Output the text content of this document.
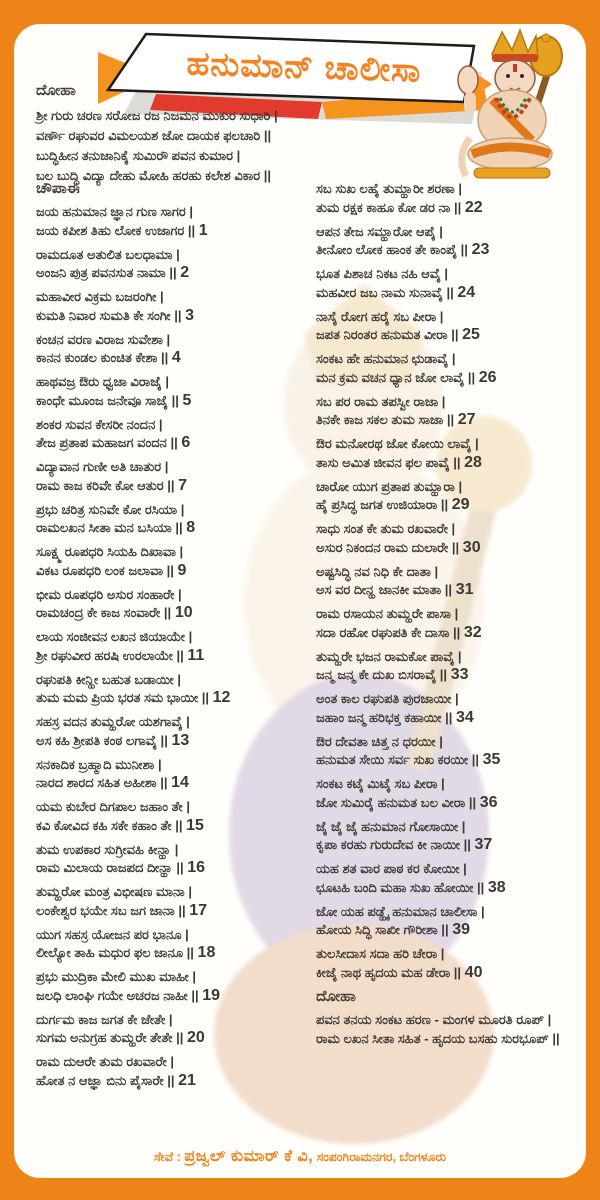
ಹನುಮಾನ್ ಚಾಲೀಸಾ
ದೋಹಾ
ಶ್ರೀ ಗುರು ಚರಣ ಸರೋಜ ರಜ ನಿಜಮನ ಮುಕುರ ಸುಧಾರಿ |
ವರ್ಣೌ ರಘುವರ ವಿಮಲಯಶ ಜೋ ದಾಯಕ ಫಲಚಾರಿ ||
ಬುದ್ಧಿಹೀನ ತನುಜಾನಿಕೈ ಸುಮಿರೌ ಪವನ ಕುಮಾರ |
ಬಲ ಬುದ್ಧಿ ವಿದ್ಯಾ ದೇಹು ಮೋಹಿ ಹರಹು ಕಲೇಶ ವಿಕಾರ ||
ಚೌಪಾಈ
ಜಯ ಹನುಮಾನ ಜ್ಞಾನ ಗುಣ ಸಾಗರ |
ಜಯ ಕಪೀಶ ತಿಹು ಲೋಕ ಉಜಾಗರ || 1
ರಾಮದೂತ ಅತುಲಿತ ಬಲಧಾಮಾ |
ಅಂಜನಿ ಪುತ್ರ ಪವನಸುತ ನಾಮಾ || 2
ಮಹಾವೀರ ವಿಕ್ರಮ ಬಜರಂಗೀ |
ಕುಮತಿ ನಿವಾರ ಸುಮತಿ ಕೇ ಸಂಗೀ || 3
ಕಂಚನ ವರಣ ವಿರಾಜ ಸುವೇಶಾ |
ಕಾನನ ಕುಂಡಲ ಕುಂಚಿತ ಕೇಶಾ || 4
ಹಾಥವಜ್ರ ಔರು ಧ್ವಜಾ ವಿರಾಜೈ |
ಕಾಂಧೇ ಮೂಂಜ ಜನೇವೂ ಸಾಜೈ || 5
ಶಂಕರ ಸುವನ ಕೇಸರೀ ನಂದನ |
ತೇಜ ಪ್ರತಾಪ ಮಹಾಜಗ ವಂದನ || 6
ವಿದ್ಯಾವಾನ ಗುಣೀ ಅತಿ ಚಾತುರ |
ರಾಮ ಕಾಜ ಕರಿವೇ ಕೋ ಆತುರ || 7
ಪ್ರಭು ಚರಿತ್ರ ಸುನಿವೇ ಕೋ ರಸಿಯಾ |
ರಾಮಲಖನ ಸೀತಾ ಮನ ಬಸಿಯಾ || 8
ಸೂಕ್ಷ್ಮ ರೂಪಧರಿ ಸಿಯಹಿ ದಿಖಾವಾ |
ವಿಕಟ ರೂಪಧರಿ ಲಂಕ ಜಲಾವಾ || 9
ಭೀಮ ರೂಪಧರಿ ಅಸುರ ಸಂಹಾರೇ |
ರಾಮಚಂದ್ರ ಕೇ ಕಾಜ ಸಂವಾರೇ || 10
ಲಾಯ ಸಂಜೀವನ ಲಖನ ಜಿಯಾಯೇ |
ಶ್ರೀ ರಘುವೀರ ಹರಷಿ ಉರಲಾಯೇ || 11
ರಘುಪತಿ ಕೀನ್ಹೀ ಬಹುತ ಬಡಾಯೀ |
ತುಮ ಮಮ ಪ್ರಿಯ ಭರತ ಸಮ ಭಾಯೀ || 12
ಸಹಸ್ರ ವದನ ತುಮ್ಹರೋ ಯಶಗಾವೈ |
ಅಸ ಕಹಿ ಶ್ರೀಪತಿ ಕಂಠ ಲಗಾವೈ || 13
ಸನಕಾದಿಕ ಬ್ರಹ್ಮಾದಿ ಮುನೀಶಾ |
ನಾರದ ಶಾರದ ಸಹಿತ ಅಹೀಶಾ || 14
ಯಮ ಕುಬೇರ ದಿಗಪಾಲ ಜಹಾಂ ತೇ |
ಕವಿ ಕೋವಿದ ಕಹಿ ಸಕೇ ಕಹಾಂ ತೇ || 15
ತುಮ ಉಪಕಾರ ಸುಗ್ರೀವಹಿ ಕೀನ್ಹಾ |
ರಾಮ ಮಿಲಾಯ ರಾಜಪದ ದೀನ್ಹಾ || 16
ತುಮ್ಹರೋ ಮಂತ್ರ ವಿಭೀಷಣ ಮಾನಾ |
ಲಂಕೇಶ್ವರ ಭಯೇ ಸಬ ಜಗ ಜಾನಾ || 17
ಯುಗ ಸಹಸ್ರ ಯೋಜನ ಪರ ಭಾನೂ |
ಲೀಲ್ಯೋ ತಾಹಿ ಮಧುರ ಫಲ ಜಾನೂ || 18
ಪ್ರಭು ಮುದ್ರಿಕಾ ಮೇಲಿ ಮುಖ ಮಾಹೀ |
ಜಲಧಿ ಲಾಂಘಿ ಗಯೇ ಅಚರಜ ನಾಹೀ || 19
ದುರ್ಗಮ ಕಾಜ ಜಗತ ಕೇ ಜೇತೇ |
ಸುಗಮ ಅನುಗ್ರಹ ತುಮ್ಹರೇ ತೇತೇ || 20
ರಾಮ ದುಆರೇ ತುಮ ರಖವಾರೇ |
ಹೋತ ನ ಆಜ್ಞಾ ಬಿನು ಪೈಸಾರೇ || 21
ಸಬ ಸುಖ ಲಹೈ ತುಮ್ಹಾರೀ ಶರಣಾ |
ತುಮ ರಕ್ಷಕ ಕಾಹೂ ಕೋ ಡರ ನಾ || 22
ಆಪನ ತೇಜ ಸಮ್ಹಾರೋ ಆಪೈ |
ತೀನೋಂ ಲೋಕ ಹಾಂಕ ತೇ ಕಾಂಪೈ || 23
ಭೂತ ಪಿಶಾಚ ನಿಕಟ ನಹಿ ಆವೈ |
ಮಹವೀರ ಜಬ ನಾಮ ಸುನಾವೈ || 24
ನಾಸೈ ರೋಗ ಹರೈ ಸಬ ಪೀರಾ |
ಜಪತ ನಿರಂತರ ಹನುಮತ ವೀರಾ || 25
ಸಂಕಟ ಹೇ ಹನುಮಾನ ಛುಡಾವೈ |
ಮನ ಕ್ರಮ ವಚನ ಧ್ಯಾನ ಜೋ ಲಾವೈ || 26
ಸಬ ಪರ ರಾಮ ತಪಸ್ವೀ ರಾಜಾ |
ತಿನಕೇ ಕಾಜ ಸಕಲ ತುಮ ಸಾಜಾ || 27
ಔರ ಮನೋರಥ ಜೋ ಕೋಯಿ ಲಾವೈ |
ತಾಸು ಅಮಿತ ಜೀವನ ಫಲ ಪಾವೈ || 28
ಚಾರೋ ಯುಗ ಪ್ರತಾಪ ತುಮ್ಹಾರಾ |
ಹೈ ಪ್ರಸಿದ್ಧ ಜಗತ ಉಜಿಯಾರಾ || 29
ಸಾಧು ಸಂತ ಕೇ ತುಮ ರಖವಾರೇ |
ಅಸುರ ನಿಕಂದನ ರಾಮ ದುಲಾರೇ || 30
ಅಷ್ಟಸಿದ್ಧಿ ನವ ನಿಧಿ ಕೇ ದಾತಾ |
ಅಸ ವರ ದೀನ್ಹ ಜಾನಕೀ ಮಾತಾ || 31
ರಾಮ ರಸಾಯನ ತುಮ್ಹರೇ ಪಾಸಾ |
ಸದಾ ರಹೋ ರಘುಪತಿ ಕೇ ದಾಸಾ || 32
ತುಮ್ಹರೇ ಭಜನ ರಾಮಕೋ ಪಾವೈ |
ಜನ್ಮ ಜನ್ಮ ಕೇ ದುಖ ಬಿಸರಾವೈ || 33
ಅಂತ ಕಾಲ ರಘುಪತಿ ಪುರಜಾಯೀ |
ಜಹಾಂ ಜನ್ಮ ಹರಿಭಕ್ತ ಕಹಾಯೀ || 34
ಔರ ದೇವತಾ ಚಿತ್ತ ನ ಧರಯೀ |
ಹನುಮತ ಸೇಯಿ ಸರ್ವ ಸುಖ ಕರಯೀ || 35
ಸಂಕಟ ಕಟೈ ಮಿಟೈ ಸಬ ಪೀರಾ |
ಜೋ ಸುಮಿರೈ ಹನುಮತ ಬಲ ವೀರಾ || 36
ಜೈ ಜೈ ಜೈ ಹನುಮಾನ ಗೋಸಾಯೀ |
ಕೃಪಾ ಕರಹು ಗುರುದೇವ ಕೀ ನಾಯೀ || 37
ಯಹ ಶತ ವಾರ ಪಾಠ ಕರ ಕೋಯೀ |
ಛೂಟಹಿ ಬಂದಿ ಮಹಾ ಸುಖ ಹೋಯೀ || 38
ಜೋ ಯಹ ಪಡ್ಹೈ ಹನುಮಾನ ಚಾಲೀಸಾ |
ಹೋಯ ಸಿದ್ಧಿ ಸಾಖೀ ಗೌರೀಶಾ || 39
ತುಲಸೀದಾಸ ಸದಾ ಹರಿ ಚೇರಾ |
ಕೀಜೈ ನಾಥ ಹೃದಯ ಮಹ ಡೇರಾ || 40
ದೋಹಾ
ಪವನ ತನಯ ಸಂಕಟ ಹರಣ - ಮಂಗಳ ಮೂರತಿ ರೂಪ್ |
ರಾಮ ಲಖನ ಸೀತಾ ಸಹಿತ - ಹೃದಯ ಬಸಹು ಸುರಭೂಪ್ ||
ಸೇವೆ : ಪ್ರಜ್ವಲ್ ಕುಮಾರ್ ಕೆ ವಿ, ಸಂಪಂಗಿರಾಮನಗರ, ಬೆಂಗಳೂರು
